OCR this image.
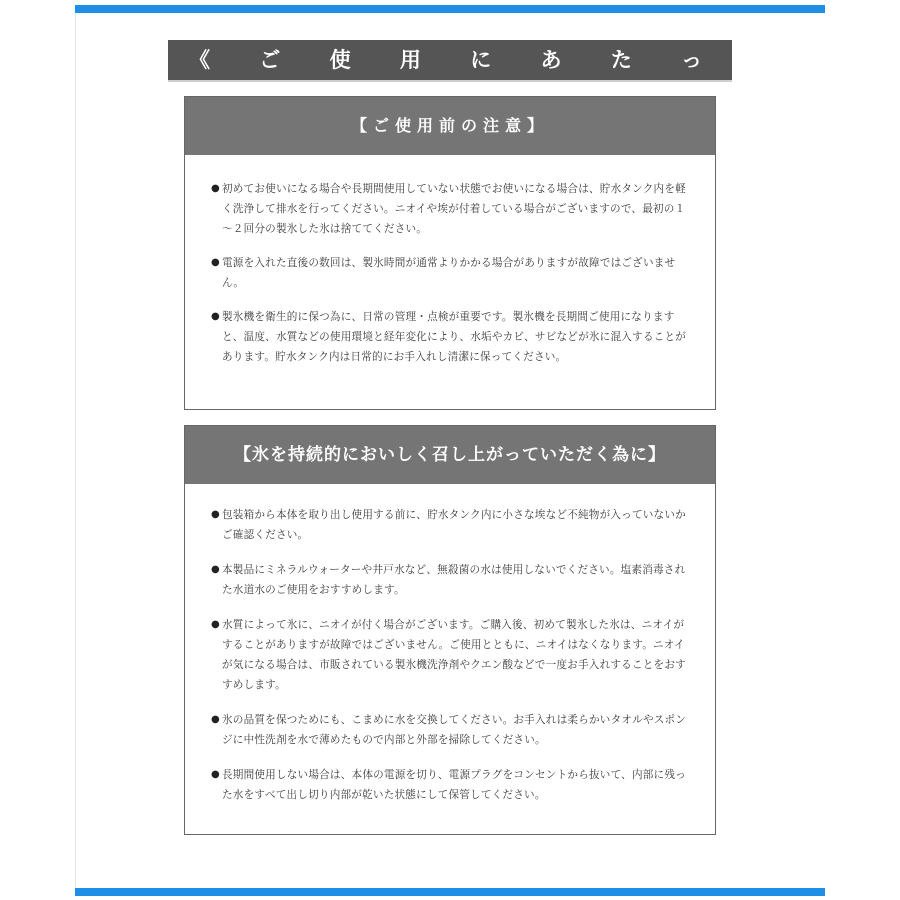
《 ご 使 用 に あ た っ て 》
【ご使用前の注意】
● 初めてお使いになる場合や長期間使用していない状態でお使いになる場合は、貯水タンク内を軽く洗浄して排水を行ってください。ニオイや埃が付着している場合がございますので、最初の１～２回分の製氷した氷は捨ててください。
● 電源を入れた直後の数回は、製氷時間が通常よりかかる場合がありますが故障ではございません。
● 製氷機を衛生的に保つ為に、日常の管理・点検が重要です。製氷機を長期間ご使用になりますと、温度、水質などの使用環境と経年変化により、水垢やカビ、サビなどが氷に混入することがあります。貯水タンク内は日常的にお手入れし清潔に保ってください。
【氷を持続的においしく召し上がっていただく為に】
● 包装箱から本体を取り出し使用する前に、貯水タンク内に小さな埃など不純物が入っていないかご確認ください。
● 本製品にミネラルウォーターや井戸水など、無殺菌の水は使用しないでください。塩素消毒された水道水のご使用をおすすめします。
● 水質によって氷に、ニオイが付く場合がございます。ご購入後、初めて製氷した氷は、ニオイがすることがありますが故障ではございません。ご使用とともに、ニオイはなくなります。ニオイが気になる場合は、市販されている製氷機洗浄剤やクエン酸などで一度お手入れすることをおすすめします。
● 氷の品質を保つためにも、こまめに水を交換してください。お手入れは柔らかいタオルやスポンジに中性洗剤を水で薄めたもので内部と外部を掃除してください。
● 長期間使用しない場合は、本体の電源を切り、電源プラグをコンセントから抜いて、内部に残った水をすべて出し切り内部が乾いた状態にして保管してください。
